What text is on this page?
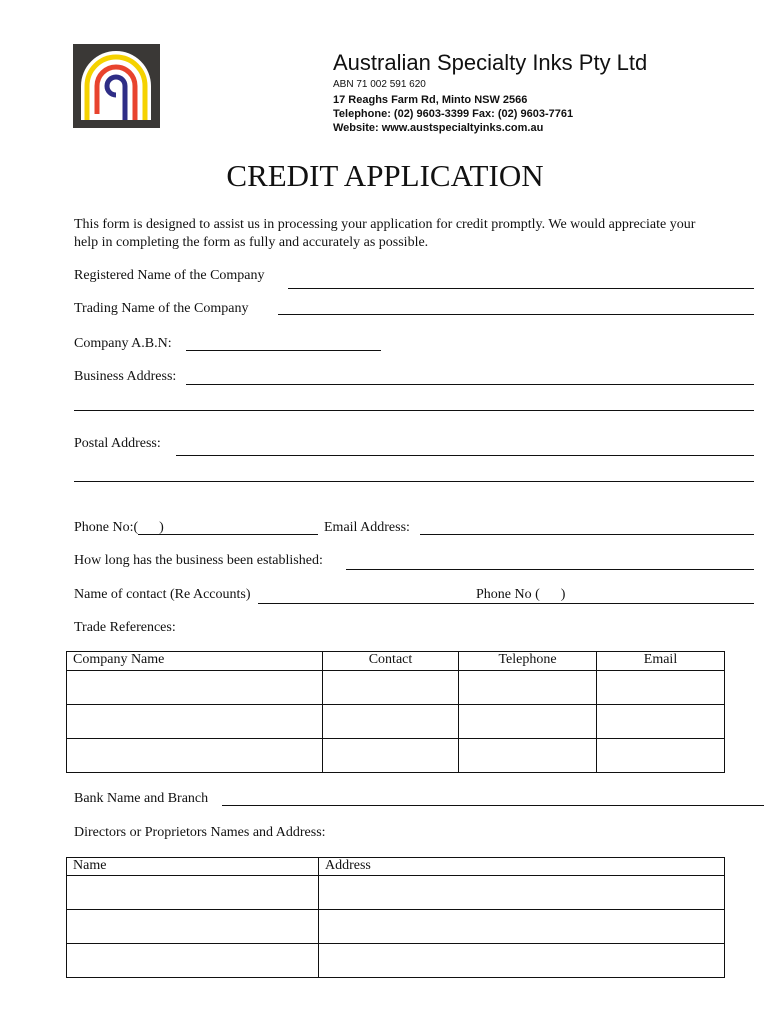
Australian Specialty Inks Pty Ltd
ABN 71 002 591 620
17 Reaghs Farm Rd, Minto NSW 2566
Telephone: (02) 9603-3399 Fax: (02) 9603-7761
Website: www.austspecialtyinks.com.au
CREDIT APPLICATION
This form is designed to assist us in processing your application for credit promptly. We would appreciate your help in completing the form as fully and accurately as possible.
Registered Name of the Company
Trading Name of the Company
Company A.B.N:
Business Address:
Postal Address:
Phone No:(      )	Email Address:
How long has the business been established:
Name of contact (Re Accounts)	Phone No (      )
Trade References:
Company Name	Contact	Telephone	Email

Bank Name and Branch
Directors or Proprietors Names and Address:
Name	Address
